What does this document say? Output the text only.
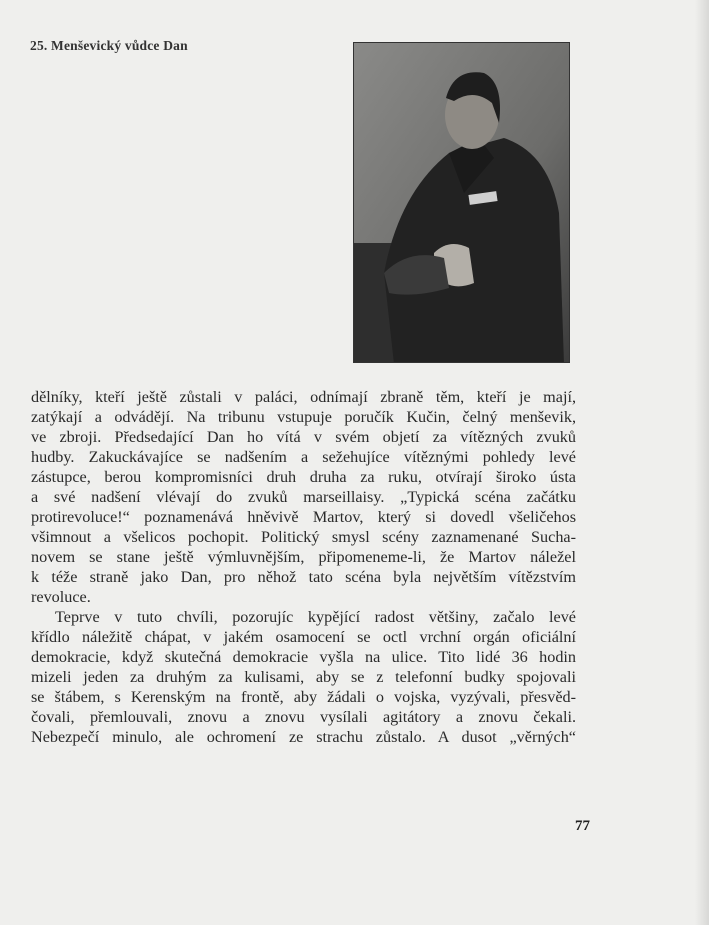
25. Menševický vůdce Dan
dělníky, kteří ještě zůstali v paláci, odnímají zbraně těm, kteří je mají,
zatýkají a odvádějí. Na tribunu vstupuje poručík Kučin, čelný menševik,
ve zbroji. Předsedající Dan ho vítá v svém objetí za vítězných zvuků
hudby. Zakuckávajíce se nadšením a sežehujíce vítěznými pohledy levé
zástupce, berou kompromisníci druh druha za ruku, otvírají široko ústa
a své nadšení vlévají do zvuků marseillaisy. „Typická scéna začátku
protirevoluce!“ poznamenává hněvivě Martov, který si dovedl všeličehos
všimnout a všelicos pochopit. Politický smysl scény zaznamenané Sucha-
novem se stane ještě výmluvnějším, připomeneme-li, že Martov náležel
k téže straně jako Dan, pro něhož tato scéna byla největším vítězstvím
revoluce.
Teprve v tuto chvíli, pozorujíc kypějící radost většiny, začalo levé
křídlo náležitě chápat, v jakém osamocení se octl vrchní orgán oficiální
demokracie, když skutečná demokracie vyšla na ulice. Tito lidé 36 hodin
mizeli jeden za druhým za kulisami, aby se z telefonní budky spojovali
se štábem, s Kerenským na frontě, aby žádali o vojska, vyzývali, přesvěd-
čovali, přemlouvali, znovu a znovu vysílali agitátory a znovu čekali.
Nebezpečí minulo, ale ochromení ze strachu zůstalo. A dusot „věrných“
77
